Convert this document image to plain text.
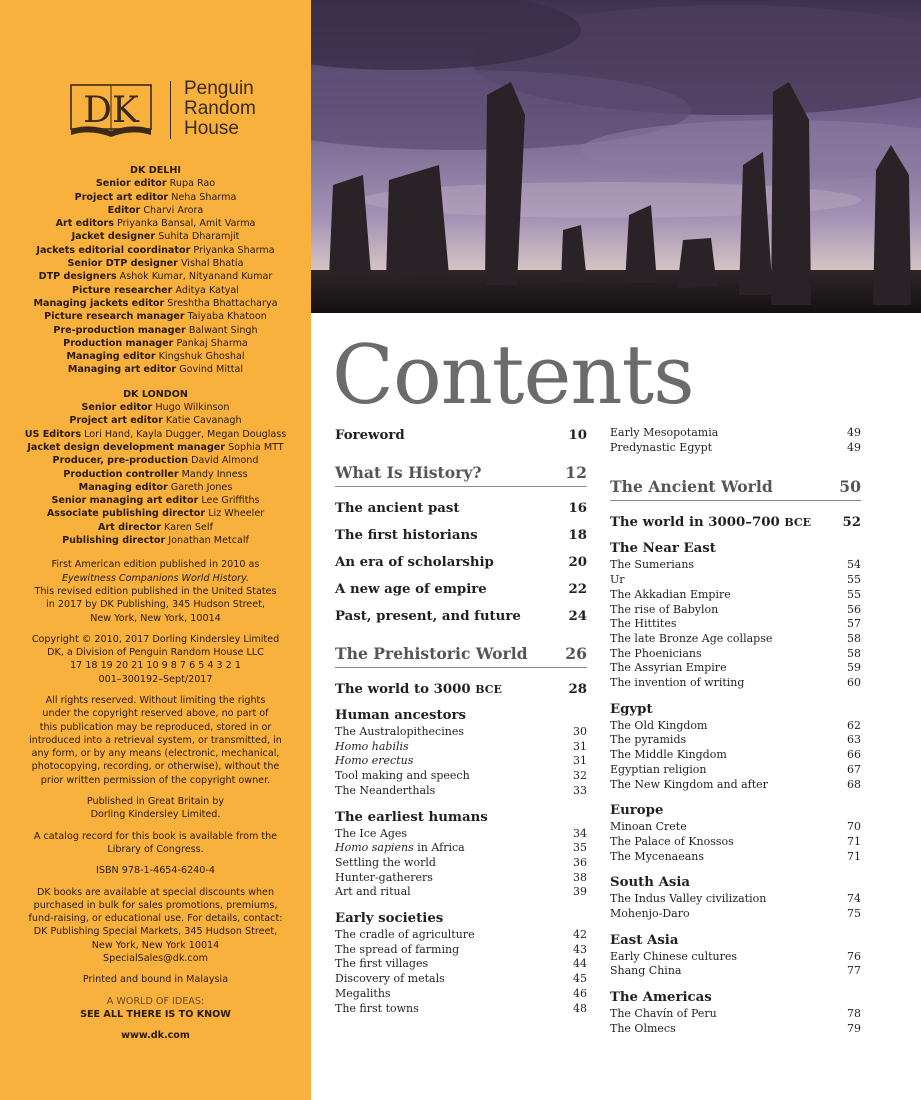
DK
Penguin
Random
House
DK DELHI
Senior editor Rupa Rao
Project art editor Neha Sharma
Editor Charvi Arora
Art editors Priyanka Bansal, Amit Varma
Jacket designer Suhita Dharamjit
Jackets editorial coordinator Priyanka Sharma
Senior DTP designer Vishal Bhatia
DTP designers Ashok Kumar, Nityanand Kumar
Picture researcher Aditya Katyal
Managing jackets editor Sreshtha Bhattacharya
Picture research manager Taiyaba Khatoon
Pre-production manager Balwant Singh
Production manager Pankaj Sharma
Managing editor Kingshuk Ghoshal
Managing art editor Govind Mittal
DK LONDON
Senior editor Hugo Wilkinson
Project art editor Katie Cavanagh
US Editors Lori Hand, Kayla Dugger, Megan Douglass
Jacket design development manager Sophia MTT
Producer, pre-production David Almond
Production controller Mandy Inness
Managing editor Gareth Jones
Senior managing art editor Lee Griffiths
Associate publishing director Liz Wheeler
Art director Karen Self
Publishing director Jonathan Metcalf
First American edition published in 2010 as
Eyewitness Companions World History.
This revised edition published in the United States
in 2017 by DK Publishing, 345 Hudson Street,
New York, New York, 10014
Copyright © 2010, 2017 Dorling Kindersley Limited
DK, a Division of Penguin Random House LLC
17 18 19 20 21 10 9 8 7 6 5 4 3 2 1
001–300192–Sept/2017
All rights reserved. Without limiting the rights
under the copyright reserved above, no part of
this publication may be reproduced, stored in or
introduced into a retrieval system, or transmitted, in
any form, or by any means (electronic, mechanical,
photocopying, recording, or otherwise), without the
prior written permission of the copyright owner.
Published in Great Britain by
Dorling Kindersley Limited.
A catalog record for this book is available from the
Library of Congress.
ISBN 978-1-4654-6240-4
DK books are available at special discounts when
purchased in bulk for sales promotions, premiums,
fund-raising, or educational use. For details, contact:
DK Publishing Special Markets, 345 Hudson Street,
New York, New York 10014
SpecialSales@dk.com
Printed and bound in Malaysia
A WORLD OF IDEAS:
SEE ALL THERE IS TO KNOW
www.dk.com
Contents
Foreword	10
What Is History?	12
The ancient past	16
The first historians	18
An era of scholarship	20
A new age of empire	22
Past, present, and future	24
The Prehistoric World 26
The world to 3000 BCE	28
Human ancestors
The Australopithecines	30
Homo habilis	31
Homo erectus	31
Tool making and speech	32
The Neanderthals	33
The earliest humans
The Ice Ages	34
Homo sapiens in Africa	35
Settling the world	36
Hunter-gatherers	38
Art and ritual	39
Early societies
The cradle of agriculture	42
The spread of farming	43
The first villages	44
Discovery of metals	45
Megaliths	46
The first towns	48
Early Mesopotamia	49
Predynastic Egypt	49
The Ancient World	50
The world in 3000–700 BCE 52
The Near East
The Sumerians	54
Ur	55
The Akkadian Empire	55
The rise of Babylon	56
The Hittites	57
The late Bronze Age collapse	58
The Phoenicians	58
The Assyrian Empire	59
The invention of writing	60
Egypt
The Old Kingdom	62
The pyramids	63
The Middle Kingdom	66
Egyptian religion	67
The New Kingdom and after	68
Europe
Minoan Crete	70
The Palace of Knossos	71
The Mycenaeans	71
South Asia
The Indus Valley civilization	74
Mohenjo-Daro	75
East Asia
Early Chinese cultures	76
Shang China	77
The Americas
The Chavín of Peru	78
The Olmecs	79
